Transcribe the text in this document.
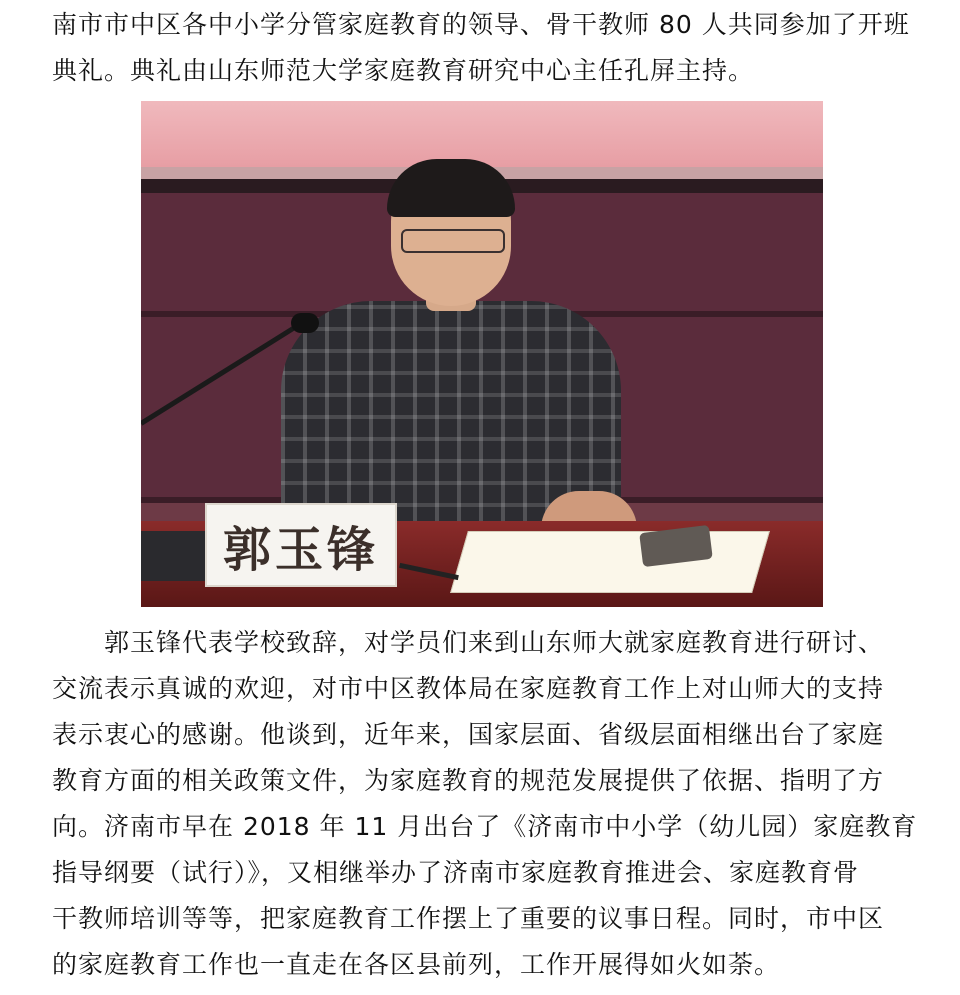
南市市中区各中小学分管家庭教育的领导、骨干教师 80 人共同参加了开班
典礼。典礼由山东师范大学家庭教育研究中心主任孔屏主持。
郭玉锋
郭玉锋代表学校致辞，对学员们来到山东师大就家庭教育进行研讨、
交流表示真诚的欢迎，对市中区教体局在家庭教育工作上对山师大的支持
表示衷心的感谢。他谈到，近年来，国家层面、省级层面相继出台了家庭
教育方面的相关政策文件，为家庭教育的规范发展提供了依据、指明了方
向。济南市早在 2018 年 11 月出台了《济南市中小学（幼儿园）家庭教育
指导纲要（试行）》，又相继举办了济南市家庭教育推进会、家庭教育骨
干教师培训等等，把家庭教育工作摆上了重要的议事日程。同时，市中区
的家庭教育工作也一直走在各区县前列，工作开展得如火如荼。
